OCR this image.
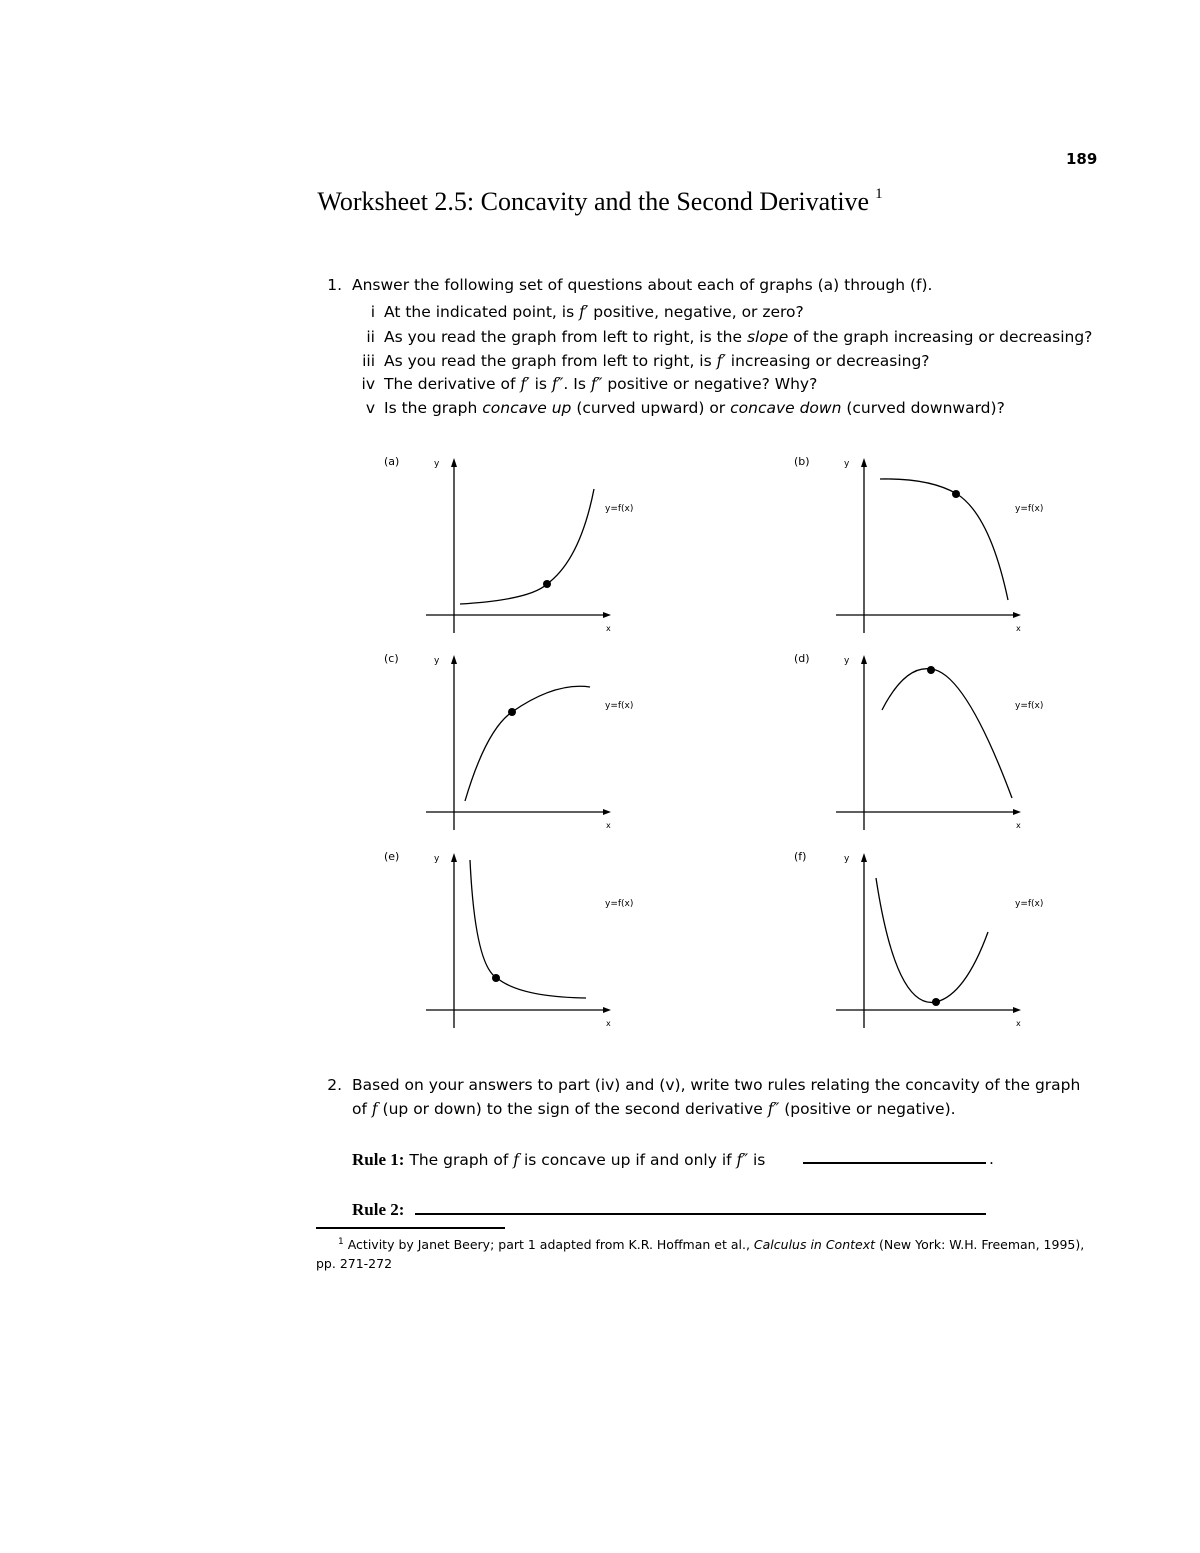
189
Worksheet 2.5: Concavity and the Second Derivative $^1$
1. Answer the following set of questions about each of graphs (a) through (f).
i At the indicated point, is f′ positive, negative, or zero?
ii As you read the graph from left to right, is the slope of the graph increasing or decreasing?
iii As you read the graph from left to right, is f′ increasing or decreasing?
iv The derivative of f′ is f″. Is f″ positive or negative? Why?
v Is the graph concave up (curved upward) or concave down (curved downward)?
(a)	y
y=f(x)
x
(b)	y
y=f(x)
x
(c)	y
y=f(x)
x
(d)	y
y=f(x)
x
(e)	y
y=f(x)
x
(f)	y
y=f(x)
x
2. Based on your answers to part (iv) and (v), write two rules relating the concavity of the graph
of f (up or down) to the sign of the second derivative f″ (positive or negative).
Rule 1: The graph of f is concave up if and only if f″ is	.
Rule 2:
$^1$ Activity by Janet Beery; part 1 adapted from K.R. Hoffman et al., Calculus in Context (New York: W.H. Freeman, 1995),
pp. 271-272
